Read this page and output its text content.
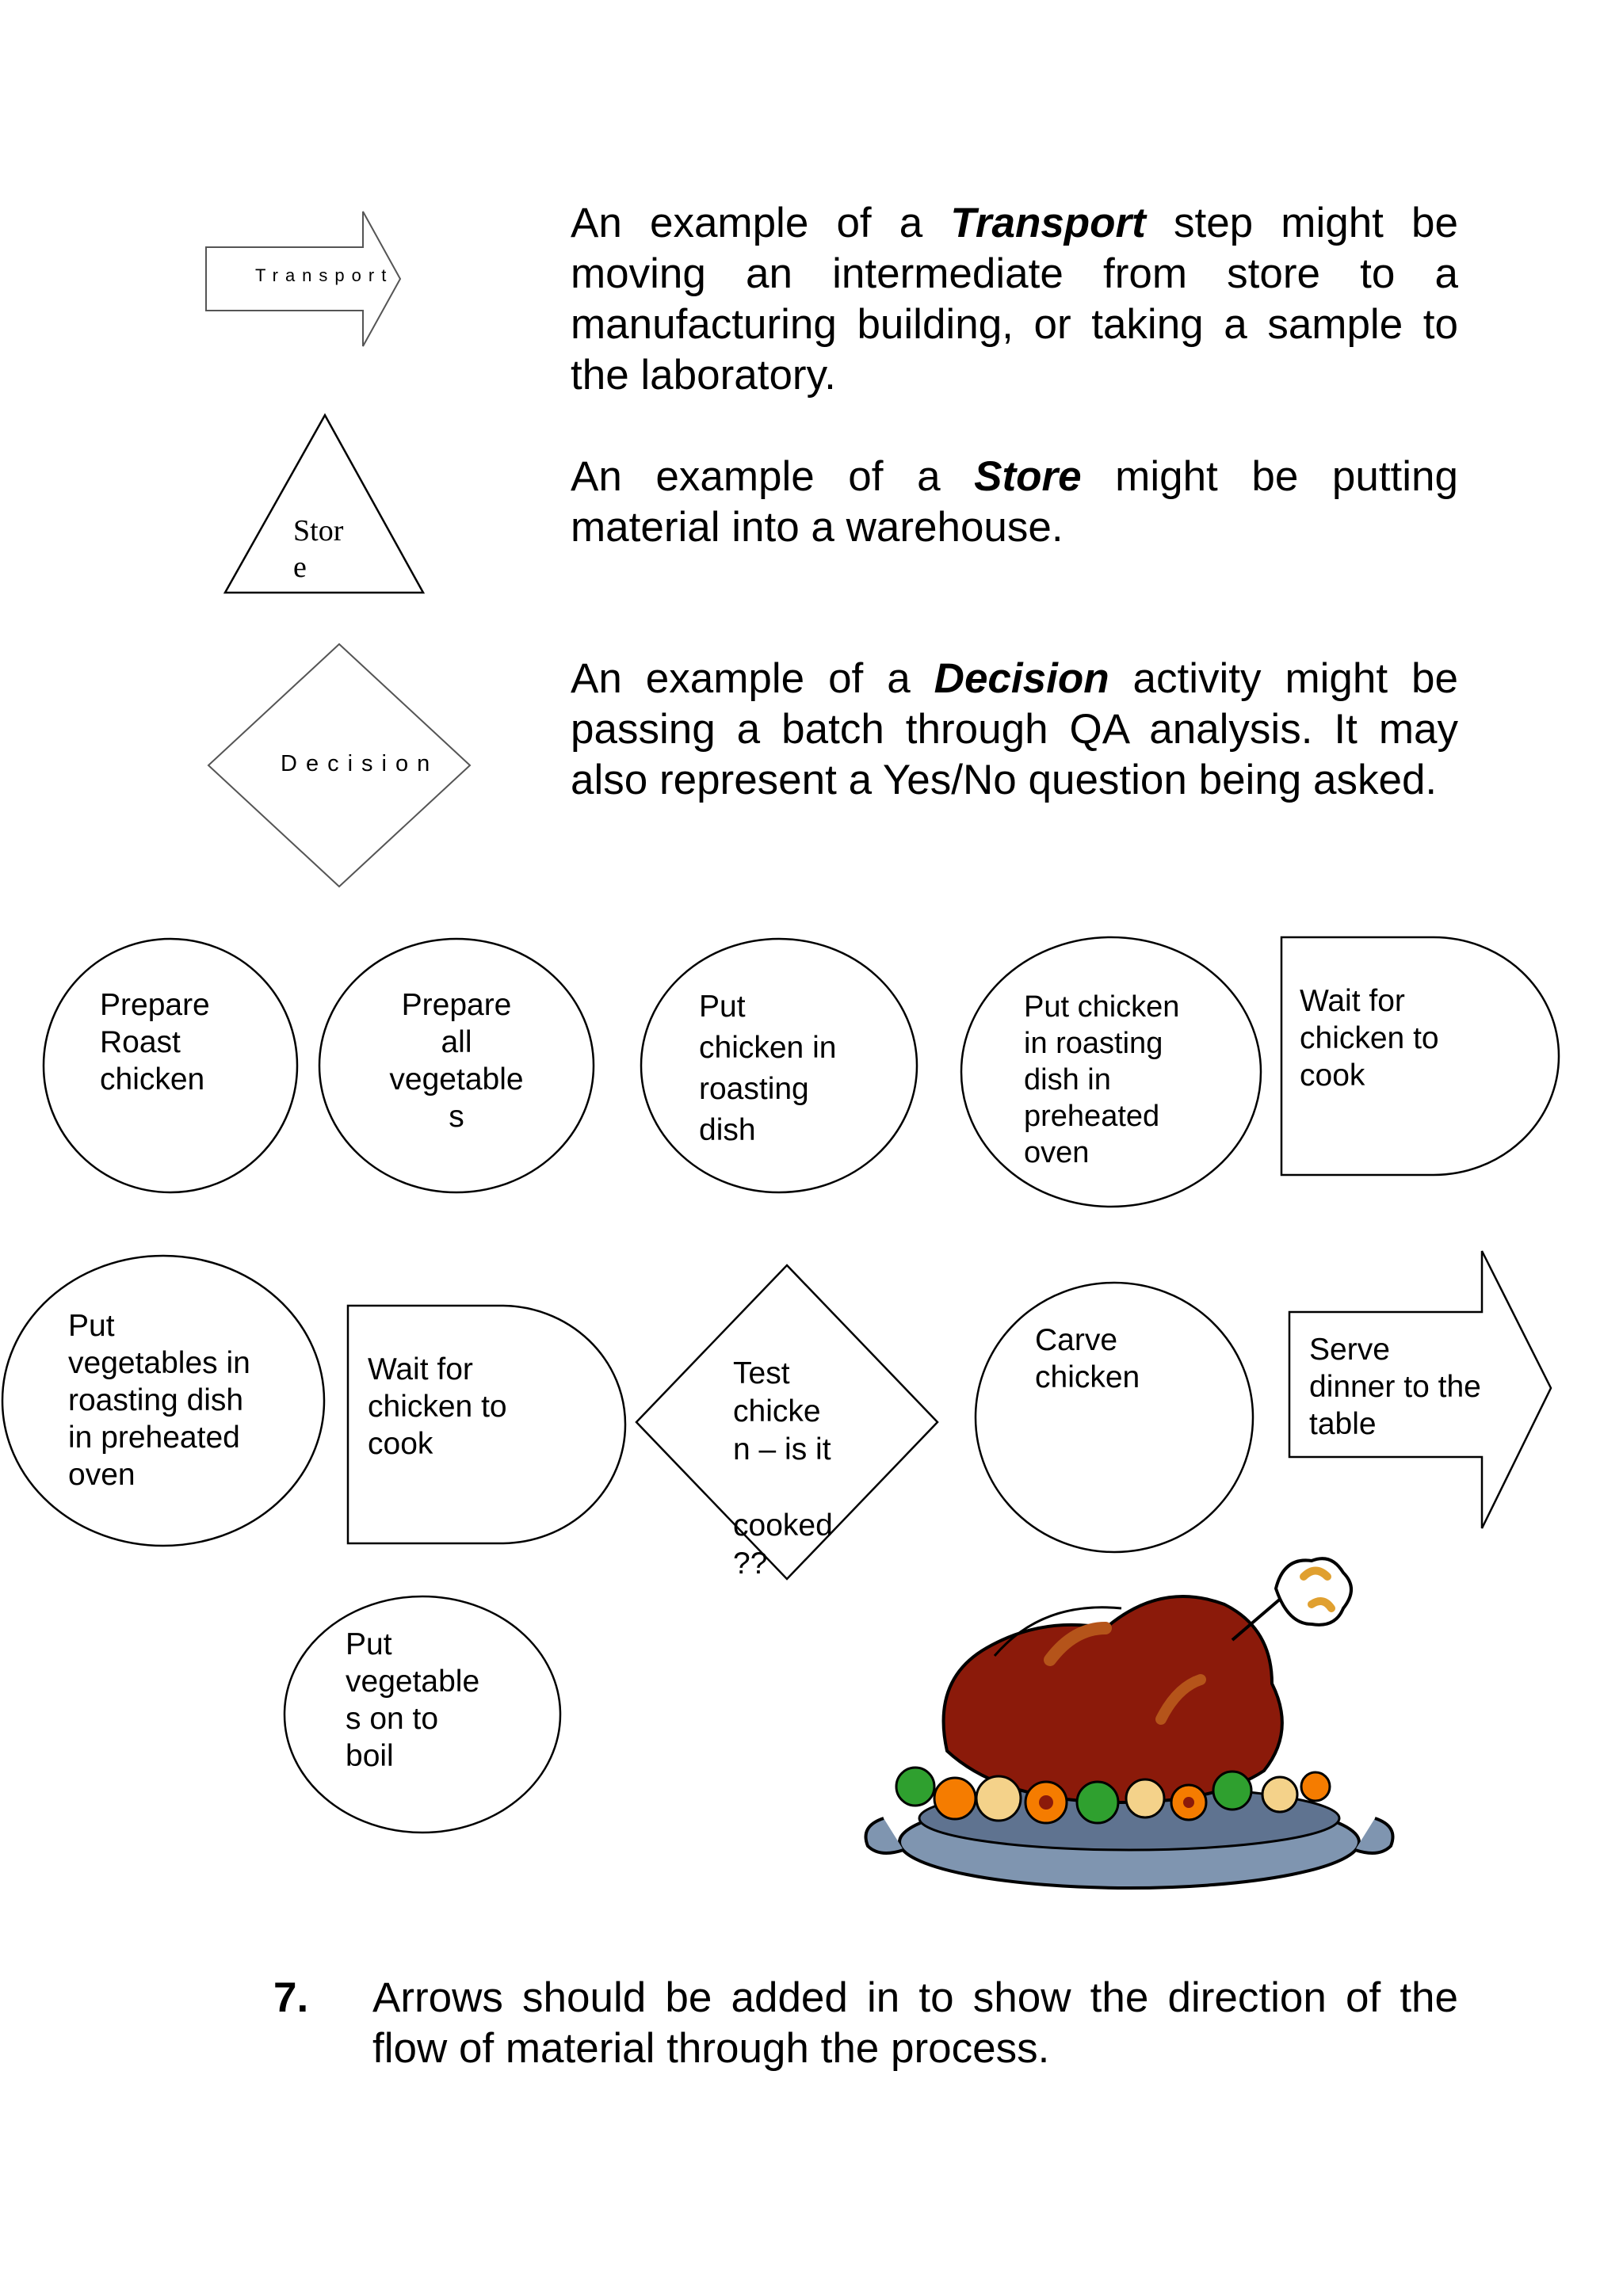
Transport
Stor
e
Decision

An example of a Transport step might be moving an intermediate from store to a manufacturing building, or taking a sample to the laboratory.

An example of a Store might be putting material into a warehouse.

An example of a Decision activity might be passing a batch through QA analysis. It may also represent a Yes/No question being asked.

Prepare
Roast
chicken
Prepare
all
vegetable
s
Put
chicken in
roasting
dish
Put chicken
in roasting
dish in
preheated
oven
Wait for
chicken to
cook
Put
vegetables in
roasting dish
in preheated
oven
Wait for
chicken to
cook
Test
chicke
n – is it

cooked
??
Carve
chicken
Serve
dinner to the
table
Put
vegetable
s on to
boil
7. Arrows should be added in to show the direction of the flow of material through the process.
